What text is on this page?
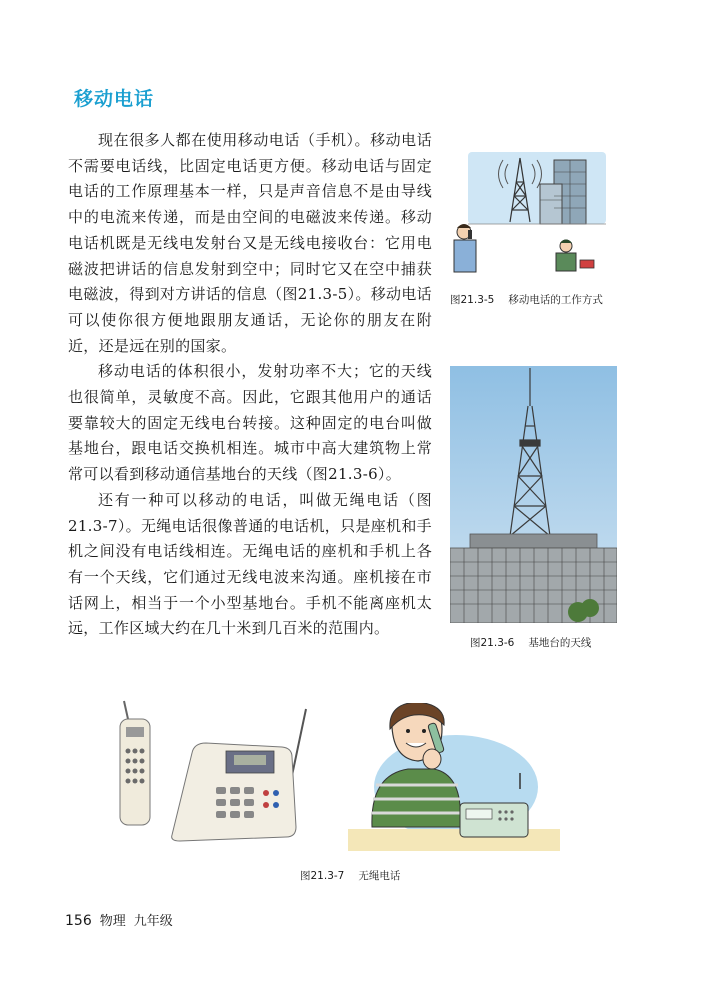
移动电话

现在很多人都在使用移动电话（手机）。移动电话不需要电话线，比固定电话更方便。移动电话与固定电话的工作原理基本一样，只是声音信息不是由导线中的电流来传递，而是由空间的电磁波来传递。移动电话机既是无线电发射台又是无线电接收台：它用电磁波把讲话的信息发射到空中；同时它又在空中捕获电磁波，得到对方讲话的信息（图21.3-5）。移动电话可以使你很方便地跟朋友通话，无论你的朋友在附近，还是远在别的国家。

移动电话的体积很小，发射功率不大；它的天线也很简单，灵敏度不高。因此，它跟其他用户的通话要靠较大的固定无线电台转接。这种固定的电台叫做基地台，跟电话交换机相连。城市中高大建筑物上常常可以看到移动通信基地台的天线（图21.3-6）。

还有一种可以移动的电话，叫做无绳电话（图21.3-7）。无绳电话很像普通的电话机，只是座机和手机之间没有电话线相连。无绳电话的座机和手机上各有一个天线，它们通过无线电波来沟通。座机接在市话网上，相当于一个小型基地台。手机不能离座机太远，工作区域大约在几十米到几百米的范围内。

图21.3-5 移动电话的工作方式
图21.3-6 基地台的天线
图21.3-7 无绳电话
156 物理 九年级
